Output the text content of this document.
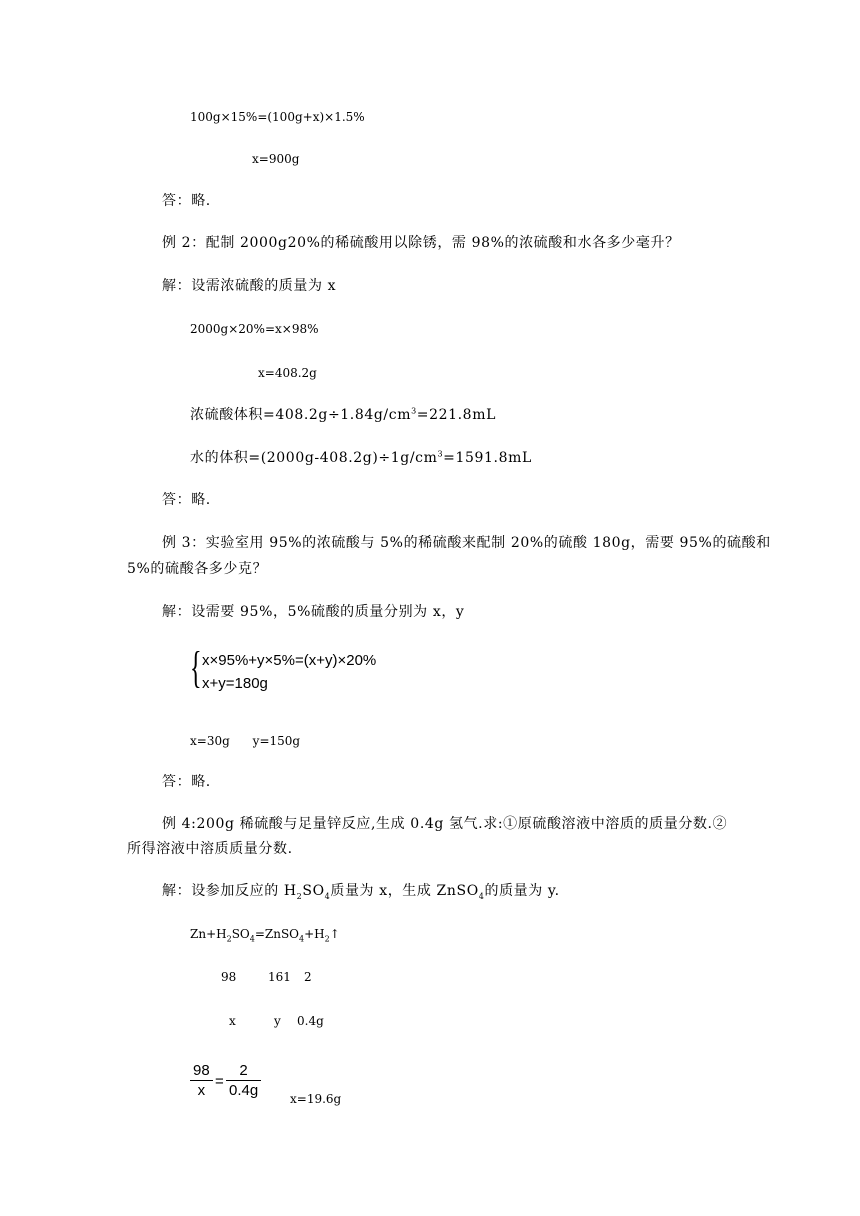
100g×15%=(100g+x)×1.5%
x=900g
答：略.
例 2：配制 2000g20%的稀硫酸用以除锈，需 98%的浓硫酸和水各多少毫升？
解：设需浓硫酸的质量为 x
2000g×20%=x×98%
x=408.2g
浓硫酸体积$=408.2g\div 1.84g/cm^3=221.8mL$
水的体积$=(2000g-408.2g)\div 1g/cm^3=1591.8mL$
答：略.
例 3：实验室用 95%的浓硫酸与 5%的稀硫酸来配制 20%的硫酸 180g，需要 95%的硫酸和
5%的硫酸各多少克？
解：设需要 95%，5%硫酸的质量分别为 x，y
{ x×95%+y×5%=(x+y)×20%
x+y=180g
x=30g      y=150g
答：略.
例 4:200g 稀硫酸与足量锌反应,生成 0.4g 氢气.求:①原硫酸溶液中溶质的质量分数.②
所得溶液中溶质质量分数.
解：设参加反应的 $H_2SO_4$质量为 x，生成 ZnSO$_4$的质量为 y.
$Zn+H_2SO_4=ZnSO_4+H_2↑$
98	161 2
x	y 0.4g
$\frac{98}{x} = \frac{2}{0.4g} x=19.6g$
